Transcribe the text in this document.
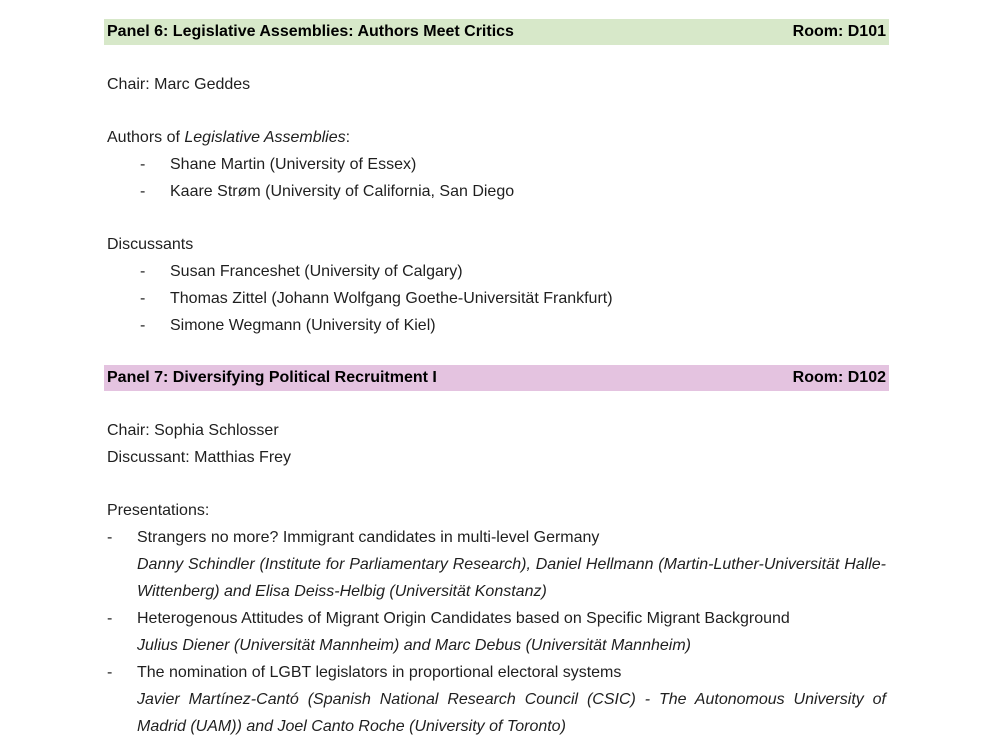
Panel 6: Legislative Assemblies: Authors Meet Critics	Room: D101
Chair: Marc Geddes
Authors of Legislative Assemblies:
-	Shane Martin (University of Essex)
-	Kaare Strøm (University of California, San Diego
Discussants
-	Susan Franceshet (University of Calgary)
-	Thomas Zittel (Johann Wolfgang Goethe-Universität Frankfurt)
-	Simone Wegmann (University of Kiel)
Panel 7: Diversifying Political Recruitment I	Room: D102
Chair: Sophia Schlosser
Discussant: Matthias Frey
Presentations:
-	Strangers no more? Immigrant candidates in multi-level Germany
Danny Schindler (Institute for Parliamentary Research), Daniel Hellmann (Martin-Luther-Universität Halle-Wittenberg) and Elisa Deiss-Helbig (Universität Konstanz)
-	Heterogenous Attitudes of Migrant Origin Candidates based on Specific Migrant Background
Julius Diener (Universität Mannheim) and Marc Debus (Universität Mannheim)
-	The nomination of LGBT legislators in proportional electoral systems
Javier Martínez-Cantó (Spanish National Research Council (CSIC) - The Autonomous University of Madrid (UAM)) and Joel Canto Roche (University of Toronto)
